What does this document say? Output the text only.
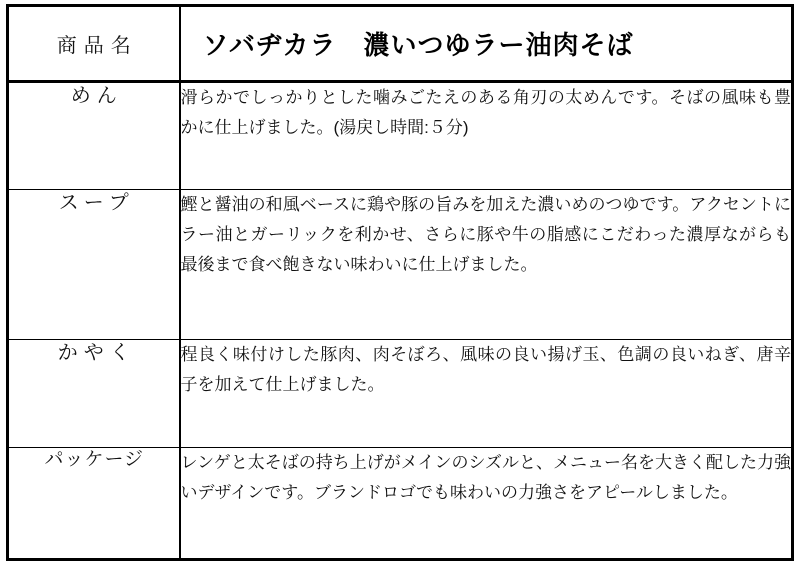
商品名	ソバヂカラ　濃いつゆラー油肉そば

めん	滑らかでしっかりとした噛みごたえのある角刃の太めんです。そばの風味も豊かに仕上げました。(湯戻し時間:５分)

スープ	鰹と醤油の和風ベースに鶏や豚の旨みを加えた濃いめのつゆです。アクセントにラー油とガーリックを利かせ、さらに豚や牛の脂感にこだわった濃厚ながらも最後まで食べ飽きない味わいに仕上げました。

かやく	程良く味付けした豚肉、肉そぼろ、風味の良い揚げ玉、色調の良いねぎ、唐辛子を加えて仕上げました。

パッケージ	レンゲと太そばの持ち上げがメインのシズルと、メニュー名を大きく配した力強いデザインです。ブランドロゴでも味わいの力強さをアピールしました。
